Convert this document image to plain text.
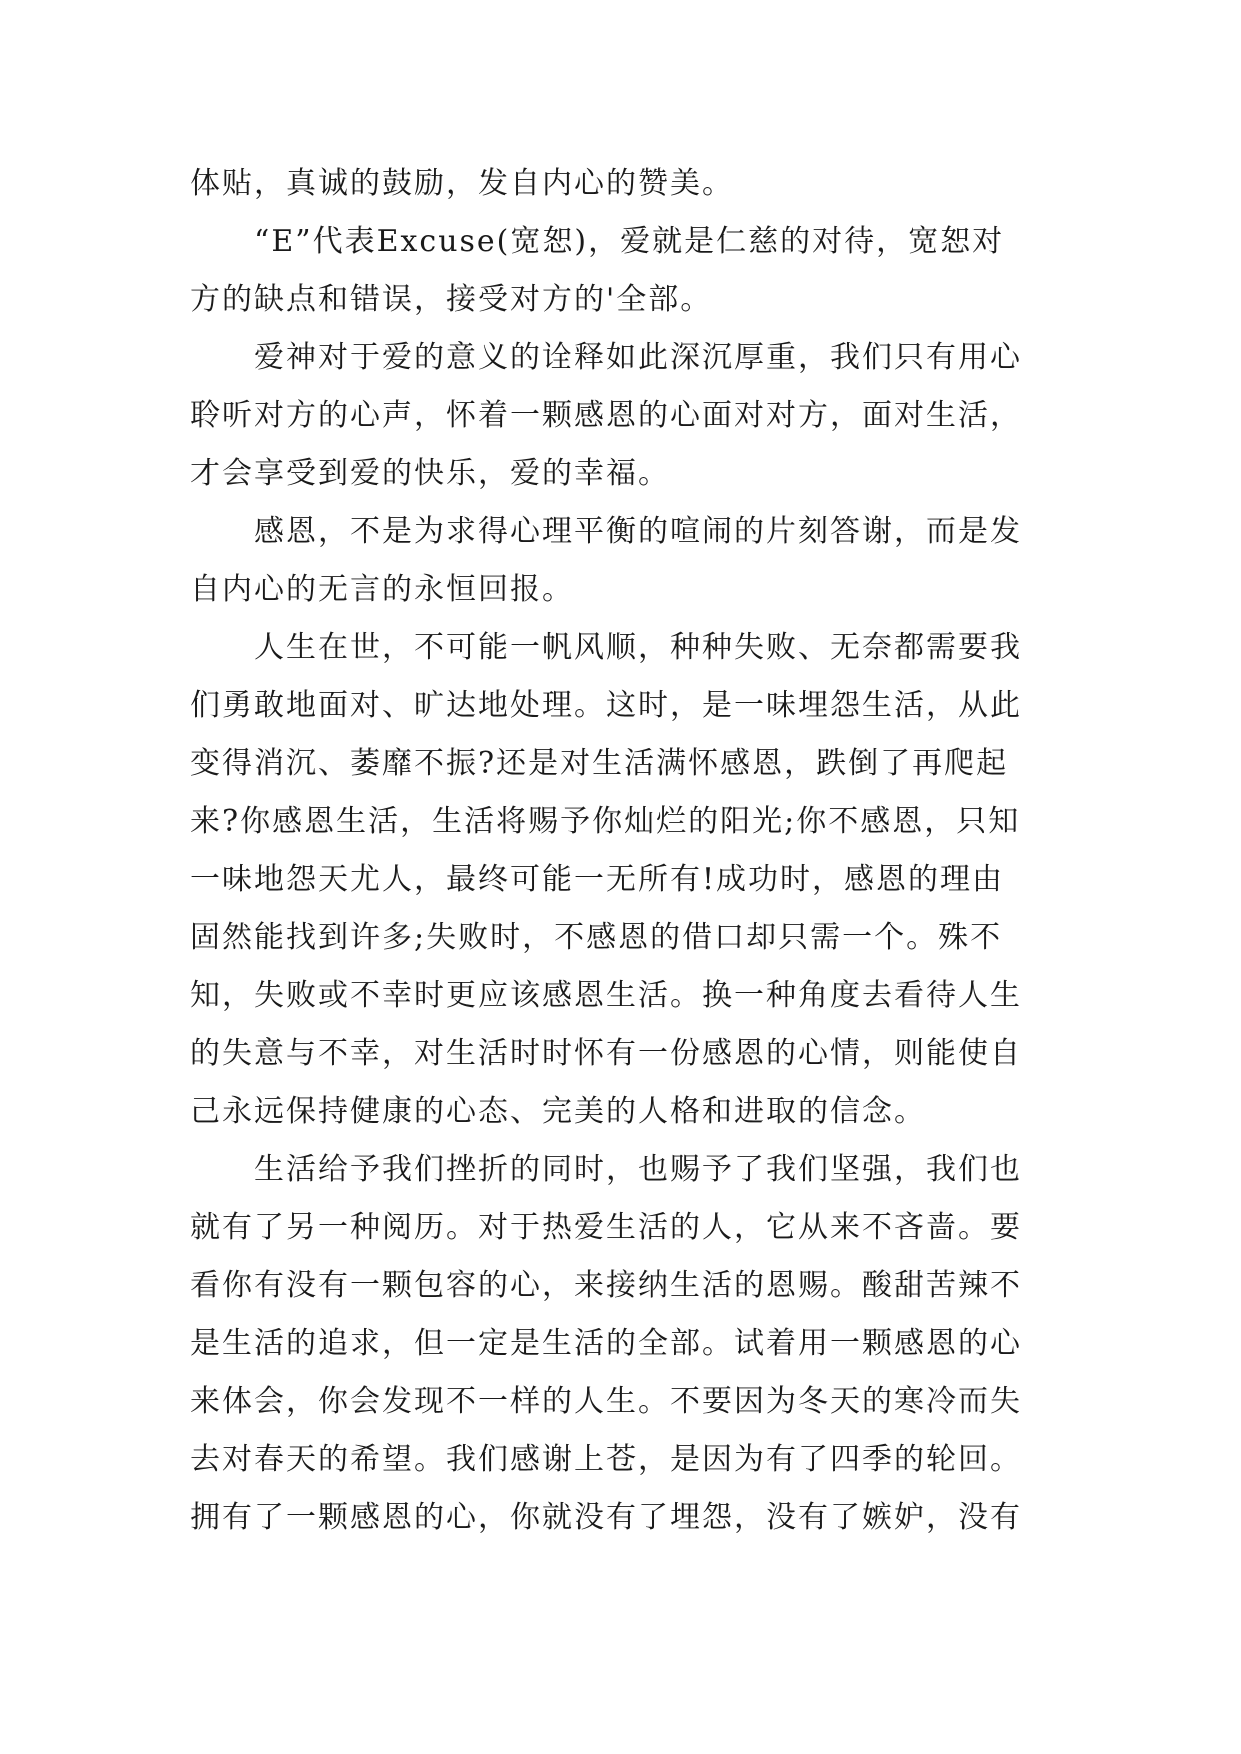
体贴，真诚的鼓励，发自内心的赞美。
“E”代表Excuse(宽恕)，爱就是仁慈的对待，宽恕对
方的缺点和错误，接受对方的'全部。
爱神对于爱的意义的诠释如此深沉厚重，我们只有用心
聆听对方的心声，怀着一颗感恩的心面对对方，面对生活，
才会享受到爱的快乐，爱的幸福。
感恩，不是为求得心理平衡的喧闹的片刻答谢，而是发
自内心的无言的永恒回报。
人生在世，不可能一帆风顺，种种失败、无奈都需要我
们勇敢地面对、旷达地处理。这时，是一味埋怨生活，从此
变得消沉、萎靡不振?还是对生活满怀感恩，跌倒了再爬起
来?你感恩生活，生活将赐予你灿烂的阳光;你不感恩，只知
一味地怨天尤人，最终可能一无所有!成功时，感恩的理由
固然能找到许多;失败时，不感恩的借口却只需一个。殊不
知，失败或不幸时更应该感恩生活。换一种角度去看待人生
的失意与不幸，对生活时时怀有一份感恩的心情，则能使自
己永远保持健康的心态、完美的人格和进取的信念。
生活给予我们挫折的同时，也赐予了我们坚强，我们也
就有了另一种阅历。对于热爱生活的人，它从来不吝啬。要
看你有没有一颗包容的心，来接纳生活的恩赐。酸甜苦辣不
是生活的追求，但一定是生活的全部。试着用一颗感恩的心
来体会，你会发现不一样的人生。不要因为冬天的寒冷而失
去对春天的希望。我们感谢上苍，是因为有了四季的轮回。
拥有了一颗感恩的心，你就没有了埋怨，没有了嫉妒，没有
